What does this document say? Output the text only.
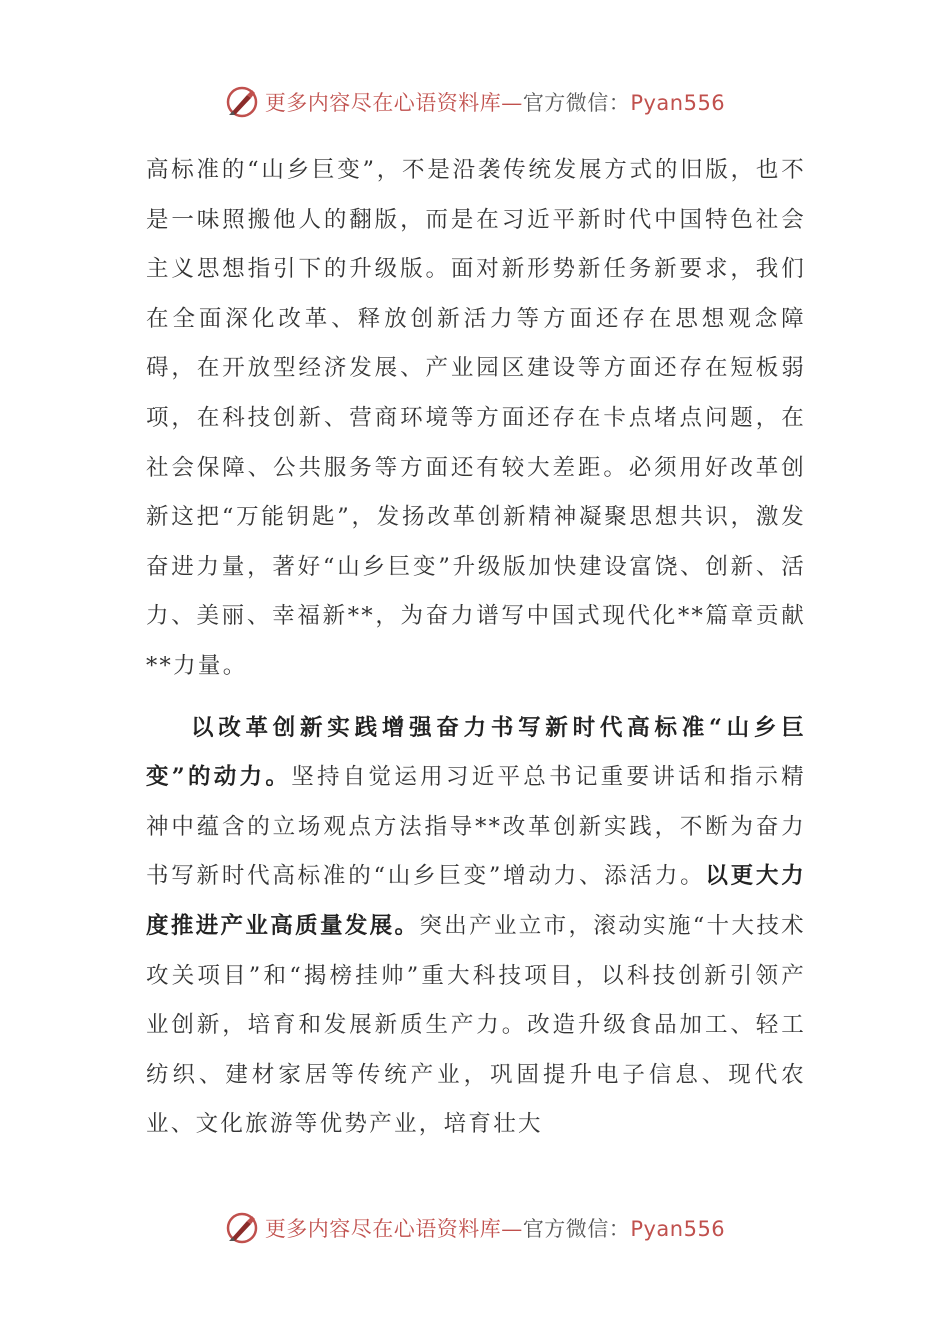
更多内容尽在心语资料库—官方微信：Pyan556

高标准的“山乡巨变”，不是沿袭传统发展方式的旧版，也不是一味照搬他人的翻版，而是在习近平新时代中国特色社会主义思想指引下的升级版。面对新形势新任务新要求，我们在全面深化改革、释放创新活力等方面还存在思想观念障碍，在开放型经济发展、产业园区建设等方面还存在短板弱项，在科技创新、营商环境等方面还存在卡点堵点问题，在社会保障、公共服务等方面还有较大差距。必须用好改革创新这把“万能钥匙”，发扬改革创新精神凝聚思想共识，激发奋进力量，著好“山乡巨变”升级版加快建设富饶、创新、活力、美丽、幸福新**，为奋力谱写中国式现代化**篇章贡献**力量。

以改革创新实践增强奋力书写新时代高标准“山乡巨变”的动力。坚持自觉运用习近平总书记重要讲话和指示精神中蕴含的立场观点方法指导**改革创新实践，不断为奋力书写新时代高标准的“山乡巨变”增动力、添活力。以更大力度推进产业高质量发展。突出产业立市，滚动实施“十大技术攻关项目”和“揭榜挂帅”重大科技项目，以科技创新引领产业创新，培育和发展新质生产力。改造升级食品加工、轻工纺织、建材家居等传统产业，巩固提升电子信息、现代农业、文化旅游等优势产业，培育壮大

更多内容尽在心语资料库—官方微信：Pyan556
